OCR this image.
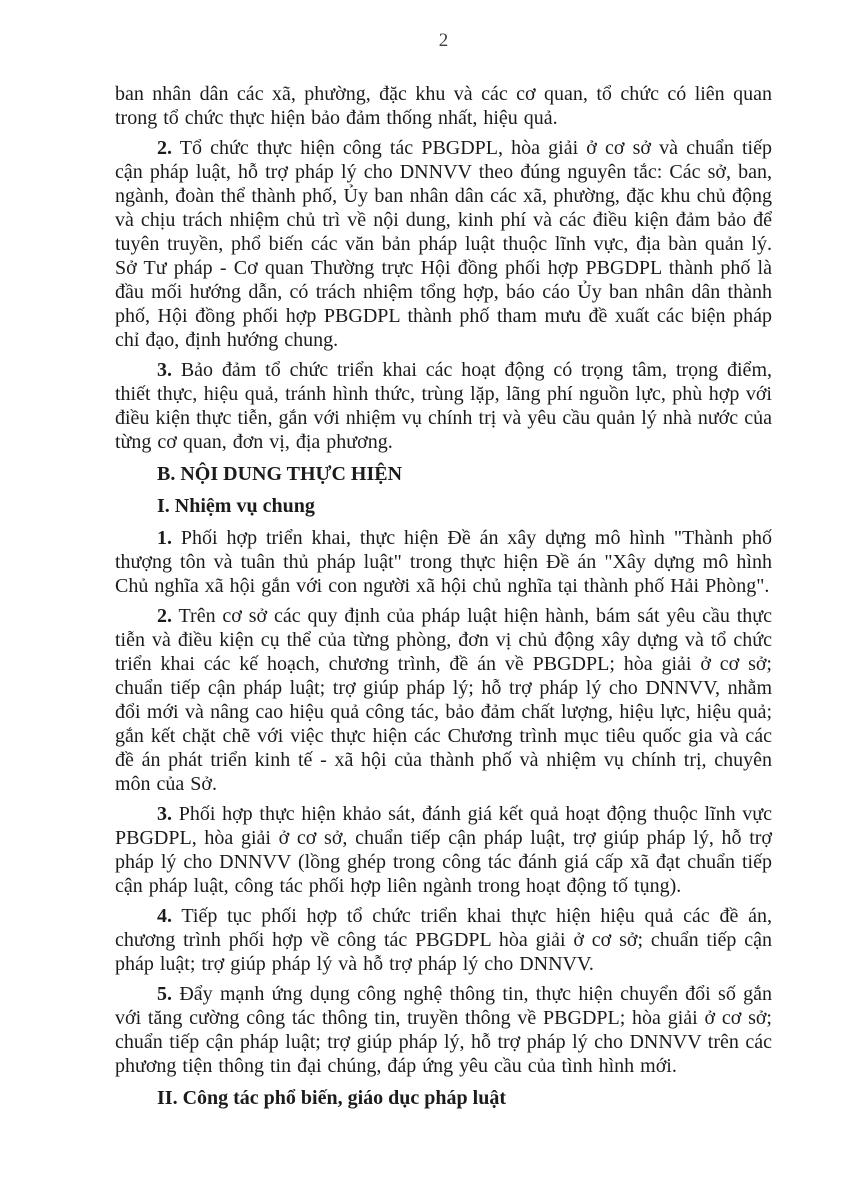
2

ban nhân dân các xã, phường, đặc khu và các cơ quan, tổ chức có liên quan trong tổ chức thực hiện bảo đảm thống nhất, hiệu quả.

2. Tổ chức thực hiện công tác PBGDPL, hòa giải ở cơ sở và chuẩn tiếp cận pháp luật, hỗ trợ pháp lý cho DNNVV theo đúng nguyên tắc: Các sở, ban, ngành, đoàn thể thành phố, Ủy ban nhân dân các xã, phường, đặc khu chủ động và chịu trách nhiệm chủ trì về nội dung, kinh phí và các điều kiện đảm bảo để tuyên truyền, phổ biến các văn bản pháp luật thuộc lĩnh vực, địa bàn quản lý. Sở Tư pháp - Cơ quan Thường trực Hội đồng phối hợp PBGDPL thành phố là đầu mối hướng dẫn, có trách nhiệm tổng hợp, báo cáo Ủy ban nhân dân thành phố, Hội đồng phối hợp PBGDPL thành phố tham mưu đề xuất các biện pháp chỉ đạo, định hướng chung.

3. Bảo đảm tổ chức triển khai các hoạt động có trọng tâm, trọng điểm, thiết thực, hiệu quả, tránh hình thức, trùng lặp, lãng phí nguồn lực, phù hợp với điều kiện thực tiễn, gắn với nhiệm vụ chính trị và yêu cầu quản lý nhà nước của từng cơ quan, đơn vị, địa phương.

B. NỘI DUNG THỰC HIỆN

I. Nhiệm vụ chung

1. Phối hợp triển khai, thực hiện Đề án xây dựng mô hình "Thành phố thượng tôn và tuân thủ pháp luật" trong thực hiện Đề án "Xây dựng mô hình Chủ nghĩa xã hội gắn với con người xã hội chủ nghĩa tại thành phố Hải Phòng".

2. Trên cơ sở các quy định của pháp luật hiện hành, bám sát yêu cầu thực tiễn và điều kiện cụ thể của từng phòng, đơn vị chủ động xây dựng và tổ chức triển khai các kế hoạch, chương trình, đề án về PBGDPL; hòa giải ở cơ sở; chuẩn tiếp cận pháp luật; trợ giúp pháp lý; hỗ trợ pháp lý cho DNNVV, nhằm đổi mới và nâng cao hiệu quả công tác, bảo đảm chất lượng, hiệu lực, hiệu quả; gắn kết chặt chẽ với việc thực hiện các Chương trình mục tiêu quốc gia và các đề án phát triển kinh tế - xã hội của thành phố và nhiệm vụ chính trị, chuyên môn của Sở.

3. Phối hợp thực hiện khảo sát, đánh giá kết quả hoạt động thuộc lĩnh vực PBGDPL, hòa giải ở cơ sở, chuẩn tiếp cận pháp luật, trợ giúp pháp lý, hỗ trợ pháp lý cho DNNVV (lồng ghép trong công tác đánh giá cấp xã đạt chuẩn tiếp cận pháp luật, công tác phối hợp liên ngành trong hoạt động tố tụng).

4. Tiếp tục phối hợp tổ chức triển khai thực hiện hiệu quả các đề án, chương trình phối hợp về công tác PBGDPL hòa giải ở cơ sở; chuẩn tiếp cận pháp luật; trợ giúp pháp lý và hỗ trợ pháp lý cho DNNVV.

5. Đẩy mạnh ứng dụng công nghệ thông tin, thực hiện chuyển đổi số gắn với tăng cường công tác thông tin, truyền thông về PBGDPL; hòa giải ở cơ sở; chuẩn tiếp cận pháp luật; trợ giúp pháp lý, hỗ trợ pháp lý cho DNNVV trên các phương tiện thông tin đại chúng, đáp ứng yêu cầu của tình hình mới.

II. Công tác phổ biến, giáo dục pháp luật
